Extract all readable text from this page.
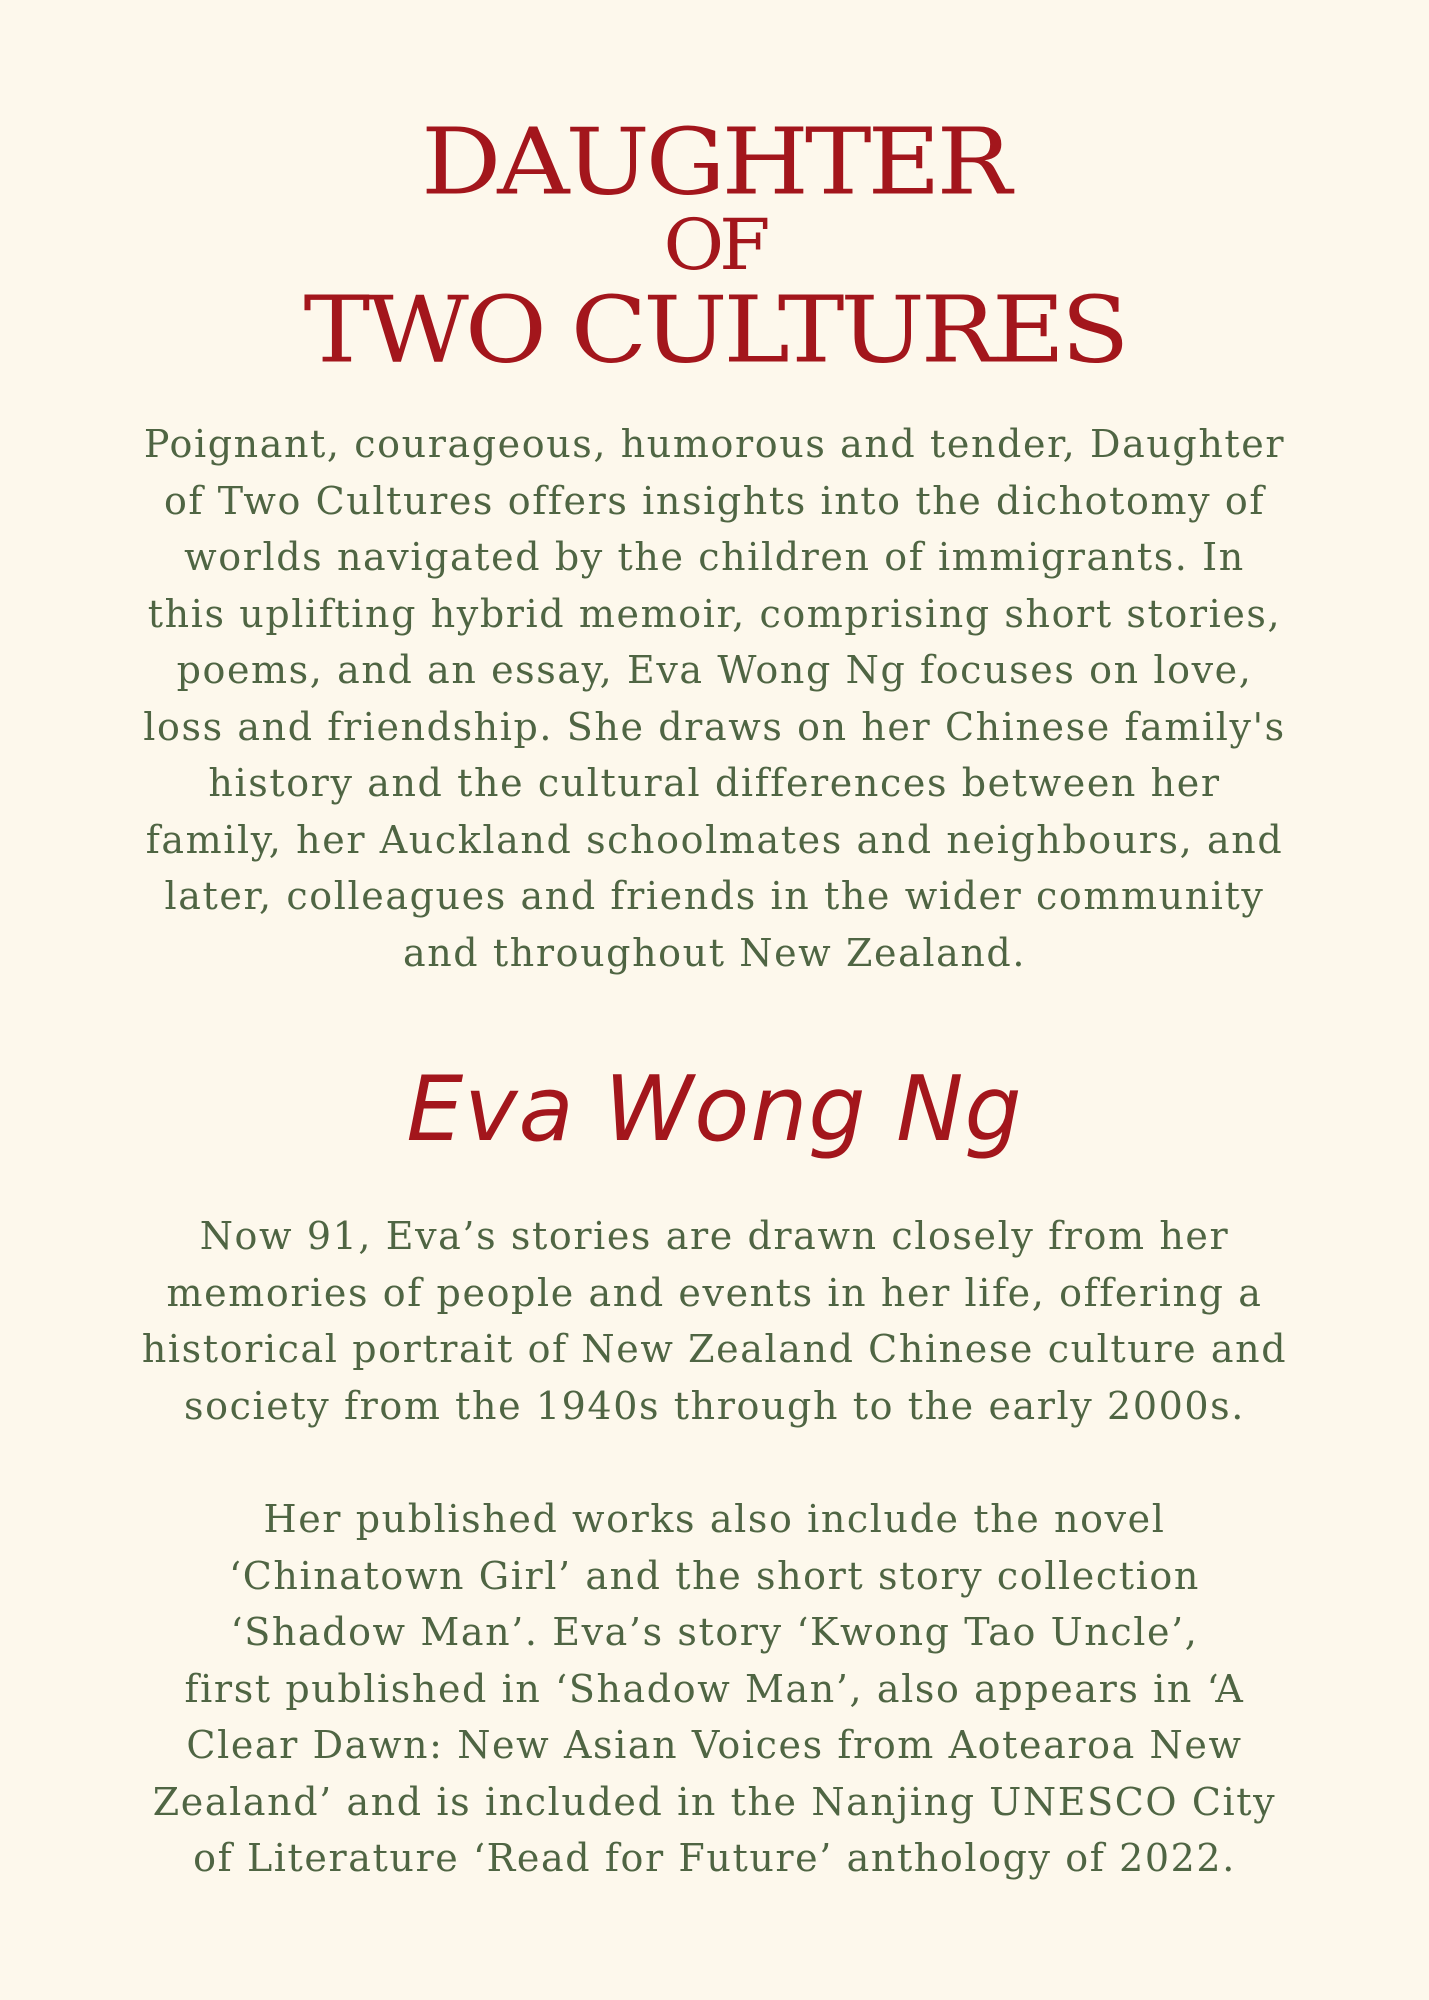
DAUGHTER
OF
TWO CULTURES

Poignant, courageous, humorous and tender, Daughter
of Two Cultures offers insights into the dichotomy of
worlds navigated by the children of immigrants. In
this uplifting hybrid memoir, comprising short stories,
poems, and an essay, Eva Wong Ng focuses on love,
loss and friendship. She draws on her Chinese family's
history and the cultural differences between her
family, her Auckland schoolmates and neighbours, and
later, colleagues and friends in the wider community
and throughout New Zealand.

Eva Wong Ng

Now 91, Eva’s stories are drawn closely from her
memories of people and events in her life, offering a
historical portrait of New Zealand Chinese culture and
society from the 1940s through to the early 2000s.

Her published works also include the novel
‘Chinatown Girl’ and the short story collection
‘Shadow Man’. Eva’s story ‘Kwong Tao Uncle’,
first published in ‘Shadow Man’, also appears in ‘A
Clear Dawn: New Asian Voices from Aotearoa New
Zealand’ and is included in the Nanjing UNESCO City
of Literature ‘Read for Future’ anthology of 2022.
